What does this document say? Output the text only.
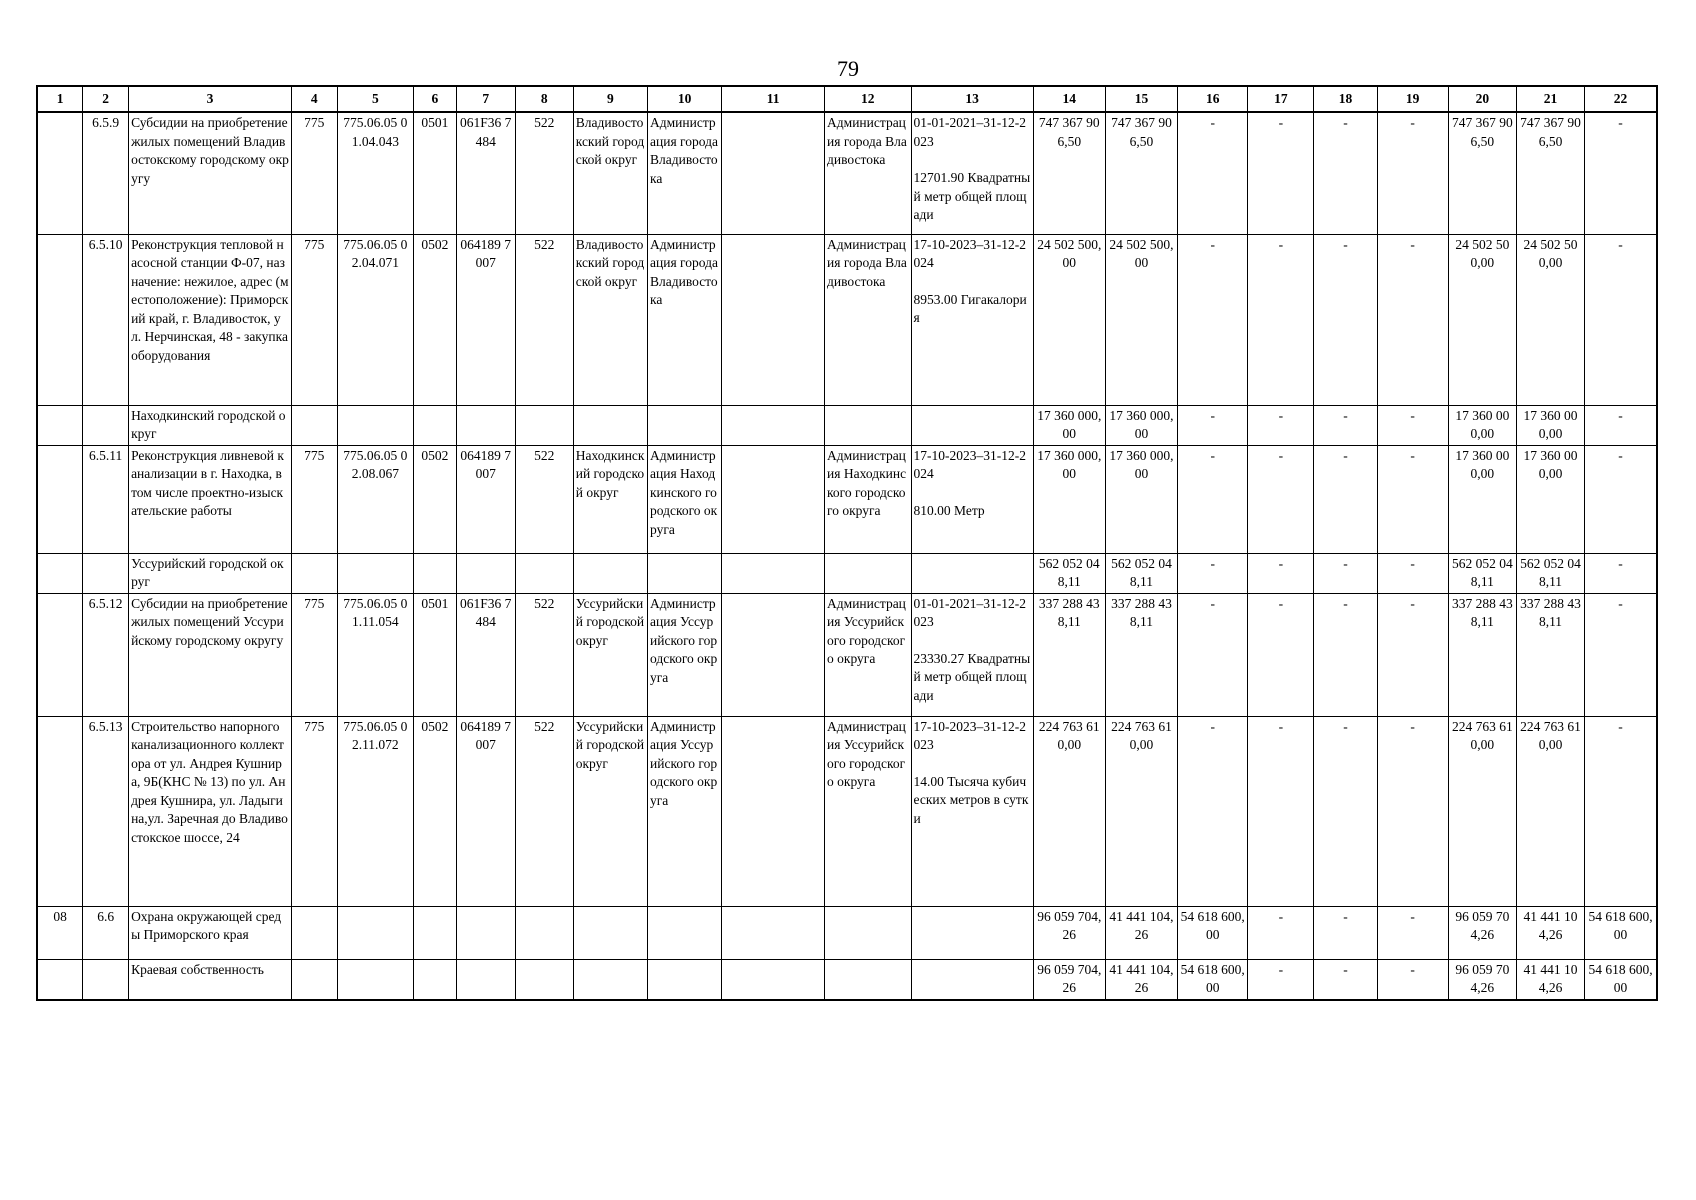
79
1	2	3	4	5	6	7	8	9	10	11	12	13	14	15	16	17	18	19	20	21	22
	6.5.9	Субсидии на приобретение жилых помещений Владивостокскому городскому округу	775	775.06.05 01.04.043	0501	061F36 7484	522	Владивостокский городской округ	Администрация города Владивостока		Администрация города Владивостока	01-01-2021–31-12-2023
12701.90 Квадратный метр общей площади	747 367 906,50	747 367 906,50	-	-	-	-	747 367 906,50	747 367 906,50	-
	6.5.10	Реконструкция тепловой насосной станции Ф-07, назначение: нежилое, адрес (местоположение): Приморский край, г. Владивосток, ул. Нерчинская, 48 - закупка оборудования	775	775.06.05 02.04.071	0502	064189 7007	522	Владивостокский городской округ	Администрация города Владивостока		Администрация города Владивостока	17-10-2023–31-12-2024
8953.00 Гигакалория	24 502 500,00	24 502 500,00	-	-	-	-	24 502 500,00	24 502 500,00	-
		Находкинский городской округ											17 360 000,00	17 360 000,00	-	-	-	-	17 360 000,00	17 360 000,00	-
	6.5.11	Реконструкция ливневой канализации в г. Находка, в том числе проектно-изыскательские работы	775	775.06.05 02.08.067	0502	064189 7007	522	Находкинский городской округ	Администрация Находкинского городского округа		Администрация Находкинского городского округа	17-10-2023–31-12-2024
810.00 Метр	17 360 000,00	17 360 000,00	-	-	-	-	17 360 000,00	17 360 000,00	-
		Уссурийский городской округ											562 052 048,11	562 052 048,11	-	-	-	-	562 052 048,11	562 052 048,11	-
	6.5.12	Субсидии на приобретение жилых помещений Уссурийскому городскому округу	775	775.06.05 01.11.054	0501	061F36 7484	522	Уссурийский городской округ	Администрация Уссурийского городского округа		Администрация Уссурийского городского округа	01-01-2021–31-12-2023
23330.27 Квадратный метр общей площади	337 288 438,11	337 288 438,11	-	-	-	-	337 288 438,11	337 288 438,11	-
	6.5.13	Строительство напорного канализационного коллектора от ул. Андрея Кушнира, 9Б(КНС № 13) по ул. Андрея Кушнира, ул. Ладыгина,ул. Заречная до Владивостокское шоссе, 24	775	775.06.05 02.11.072	0502	064189 7007	522	Уссурийский городской округ	Администрация Уссурийского городского округа		Администрация Уссурийского городского округа	17-10-2023–31-12-2023
14.00 Тысяча кубических метров в сутки	224 763 610,00	224 763 610,00	-	-	-	-	224 763 610,00	224 763 610,00	-
08	6.6	Охрана окружающей среды Приморского края											96 059 704,26	41 441 104,26	54 618 600,00	-	-	-	96 059 704,26	41 441 104,26	54 618 600,00
		Краевая собственность											96 059 704,26	41 441 104,26	54 618 600,00	-	-	-	96 059 704,26	41 441 104,26	54 618 600,00
